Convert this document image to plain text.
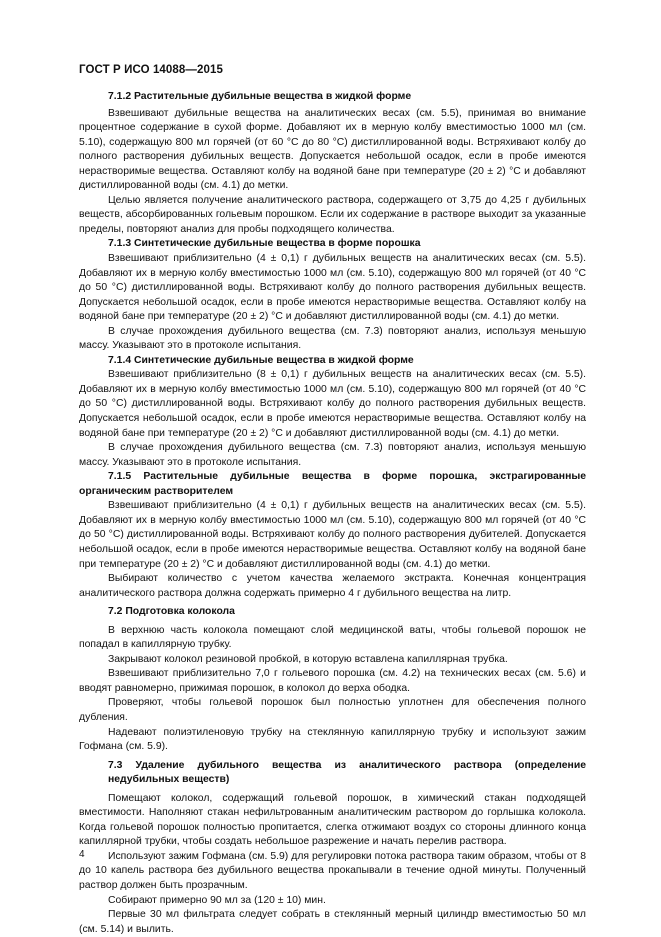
ГОСТ Р ИСО 14088—2015

7.1.2 Растительные дубильные вещества в жидкой форме

Взвешивают дубильные вещества на аналитических весах (см. 5.5), принимая во внимание процентное содержание в сухой форме. Добавляют их в мерную колбу вместимостью 1000 мл (см. 5.10), содержащую 800 мл горячей (от 60 °С до 80 °С) дистиллированной воды. Встряхивают колбу до полного растворения дубильных веществ. Допускается небольшой осадок, если в пробе имеются нерастворимые вещества. Оставляют колбу на водяной бане при температуре (20 ± 2) °С и добавляют дистиллированной воды (см. 4.1) до метки.

Целью является получение аналитического раствора, содержащего от 3,75 до 4,25 г дубильных веществ, абсорбированных гольевым порошком. Если их содержание в растворе выходит за указанные пределы, повторяют анализ для пробы подходящего количества.

7.1.3 Синтетические дубильные вещества в форме порошка

Взвешивают приблизительно (4 ± 0,1) г дубильных веществ на аналитических весах (см. 5.5). Добавляют их в мерную колбу вместимостью 1000 мл (см. 5.10), содержащую 800 мл горячей (от 40 °С до 50 °С) дистиллированной воды. Встряхивают колбу до полного растворения дубильных веществ. Допускается небольшой осадок, если в пробе имеются нерастворимые вещества. Оставляют колбу на водяной бане при температуре (20 ± 2) °С и добавляют дистиллированной воды (см. 4.1) до метки.

В случае прохождения дубильного вещества (см. 7.3) повторяют анализ, используя меньшую массу. Указывают это в протоколе испытания.

7.1.4 Синтетические дубильные вещества в жидкой форме

Взвешивают приблизительно (8 ± 0,1) г дубильных веществ на аналитических весах (см. 5.5). Добавляют их в мерную колбу вместимостью 1000 мл (см. 5.10), содержащую 800 мл горячей (от 40 °С до 50 °С) дистиллированной воды. Встряхивают колбу до полного растворения дубильных веществ. Допускается небольшой осадок, если в пробе имеются нерастворимые вещества. Оставляют колбу на водяной бане при температуре (20 ± 2) °С и добавляют дистиллированной воды (см. 4.1) до метки.

В случае прохождения дубильного вещества (см. 7.3) повторяют анализ, используя меньшую массу. Указывают это в протоколе испытания.

7.1.5 Растительные дубильные вещества в форме порошка, экстрагированные органическим растворителем

Взвешивают приблизительно (4 ± 0,1) г дубильных веществ на аналитических весах (см. 5.5). Добавляют их в мерную колбу вместимостью 1000 мл (см. 5.10), содержащую 800 мл горячей (от 40 °С до 50 °С) дистиллированной воды. Встряхивают колбу до полного растворения дубителей. Допускается небольшой осадок, если в пробе имеются нерастворимые вещества. Оставляют колбу на водяной бане при температуре (20 ± 2) °С и добавляют дистиллированной воды (см. 4.1) до метки.

Выбирают количество с учетом качества желаемого экстракта. Конечная концентрация аналитического раствора должна содержать примерно 4 г дубильного вещества на литр.

7.2 Подготовка колокола

В верхнюю часть колокола помещают слой медицинской ваты, чтобы гольевой порошок не попадал в капиллярную трубку.

Закрывают колокол резиновой пробкой, в которую вставлена капиллярная трубка.

Взвешивают приблизительно 7,0 г гольевого порошка (см. 4.2) на технических весах (см. 5.6) и вводят равномерно, прижимая порошок, в колокол до верха ободка.

Проверяют, чтобы гольевой порошок был полностью уплотнен для обеспечения полного дубления.

Надевают полиэтиленовую трубку на стеклянную капиллярную трубку и используют зажим Гофмана (см. 5.9).

7.3 Удаление дубильного вещества из аналитического раствора (определение недубильных веществ)

Помещают колокол, содержащий гольевой порошок, в химический стакан подходящей вместимости. Наполняют стакан нефильтрованным аналитическим раствором до горлышка колокола. Когда гольевой порошок полностью пропитается, слегка отжимают воздух со стороны длинного конца капиллярной трубки, чтобы создать небольшое разрежение и начать перелив раствора.

Используют зажим Гофмана (см. 5.9) для регулировки потока раствора таким образом, чтобы от 8 до 10 капель раствора без дубильного вещества прокапывали в течение одной минуты. Полученный раствор должен быть прозрачным.

Собирают примерно 90 мл за (120 ± 10) мин.

Первые 30 мл фильтрата следует собрать в стеклянный мерный цилиндр вместимостью 50 мл (см. 5.14) и вылить.

4
